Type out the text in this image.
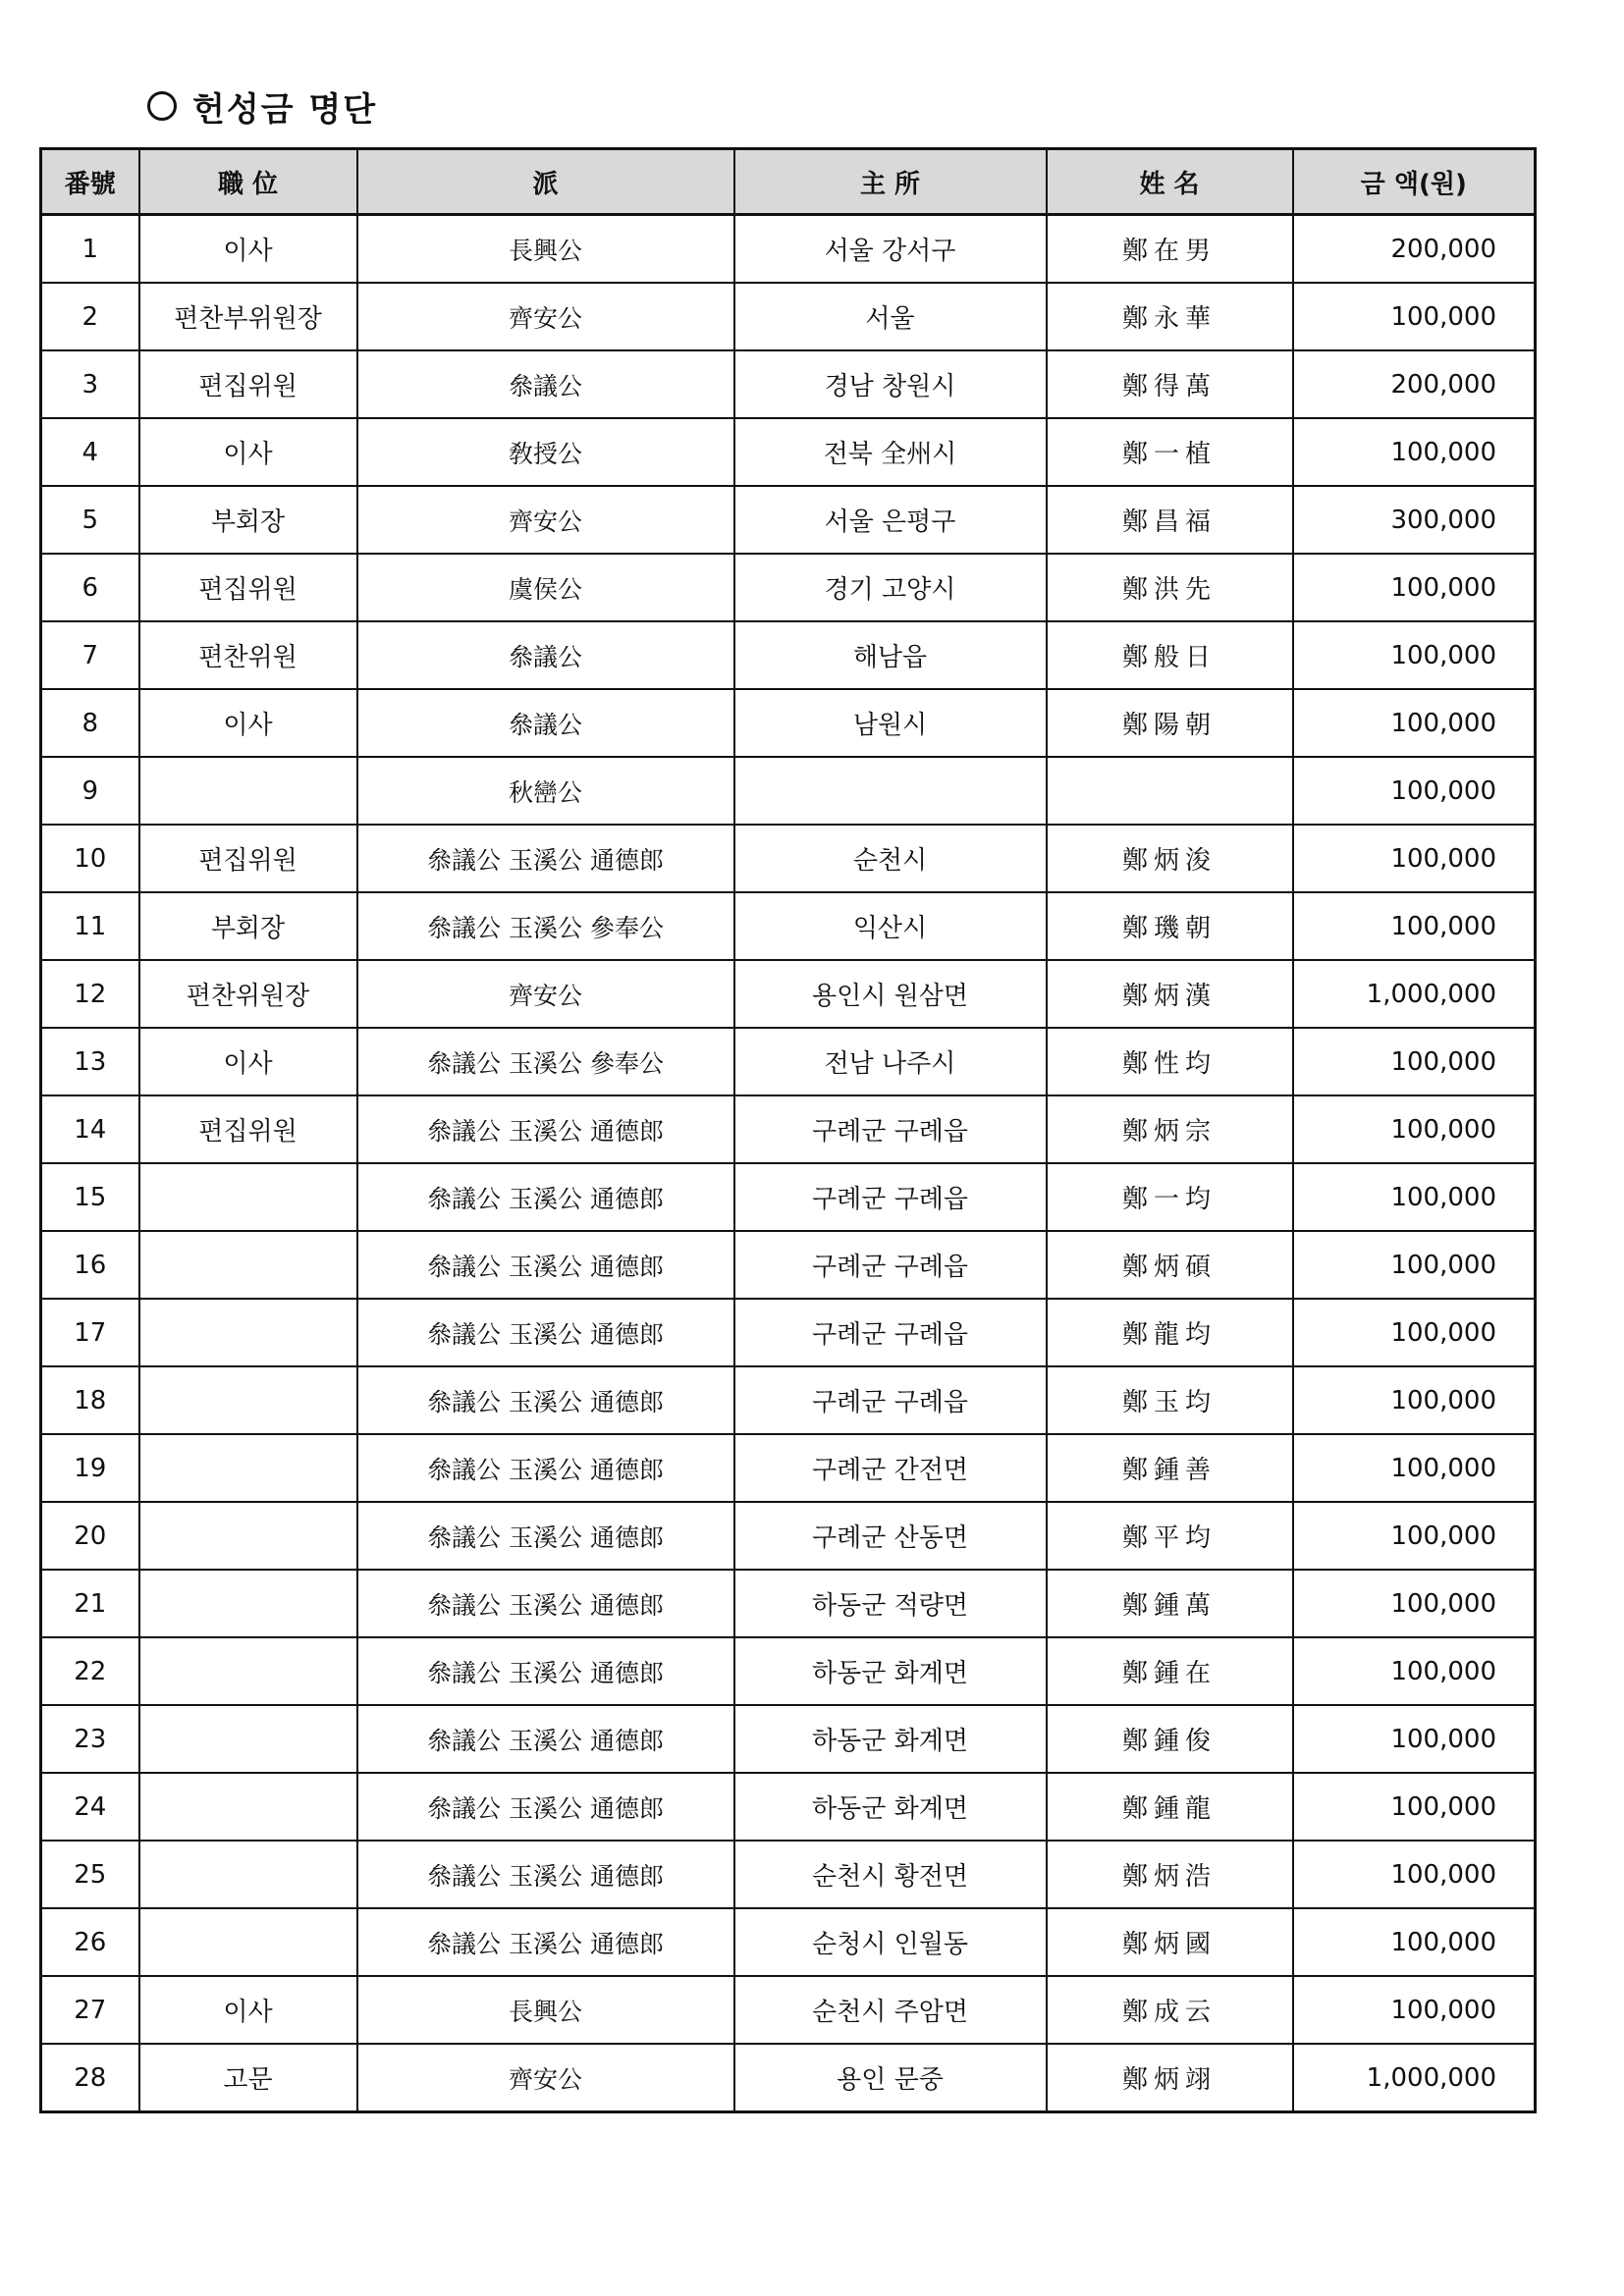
헌성금 명단
番號	職 位	派	主 所	姓 名	금 액(원)
1	이사	長興公	서울 강서구	鄭在男	200,000
2	편찬부위원장	齊安公	서울	鄭永華	100,000
3	편집위원	叅議公	경남 창원시	鄭得萬	200,000
4	이사	敎授公	전북 全州시	鄭一植	100,000
5	부회장	齊安公	서울 은평구	鄭昌福	300,000
6	편집위원	虞侯公	경기 고양시	鄭洪先	100,000
7	편찬위원	叅議公	해남읍	鄭般日	100,000
8	이사	叅議公	남원시	鄭陽朝	100,000
9		秋巒公			100,000
10	편집위원	叅議公 玉溪公 通德郎	순천시	鄭炳浚	100,000
11	부회장	叅議公 玉溪公 參奉公	익산시	鄭璣朝	100,000
12	편찬위원장	齊安公	용인시 원삼면	鄭炳漢	1,000,000
13	이사	叅議公 玉溪公 參奉公	전남 나주시	鄭性均	100,000
14	편집위원	叅議公 玉溪公 通德郎	구례군 구례읍	鄭炳宗	100,000
15		叅議公 玉溪公 通德郎	구례군 구례읍	鄭一均	100,000
16		叅議公 玉溪公 通德郎	구례군 구례읍	鄭炳碩	100,000
17		叅議公 玉溪公 通德郎	구례군 구례읍	鄭龍均	100,000
18		叅議公 玉溪公 通德郎	구례군 구례읍	鄭玉均	100,000
19		叅議公 玉溪公 通德郎	구례군 간전면	鄭鍾善	100,000
20		叅議公 玉溪公 通德郎	구례군 산동면	鄭平均	100,000
21		叅議公 玉溪公 通德郎	하동군 적량면	鄭鍾萬	100,000
22		叅議公 玉溪公 通德郎	하동군 화계면	鄭鍾在	100,000
23		叅議公 玉溪公 通德郎	하동군 화계면	鄭鍾俊	100,000
24		叅議公 玉溪公 通德郎	하동군 화계면	鄭鍾龍	100,000
25		叅議公 玉溪公 通德郎	순천시 황전면	鄭炳浩	100,000
26		叅議公 玉溪公 通德郎	순청시 인월동	鄭炳國	100,000
27	이사	長興公	순천시 주암면	鄭成云	100,000
28	고문	齊安公	용인 문중	鄭炳翊	1,000,000
